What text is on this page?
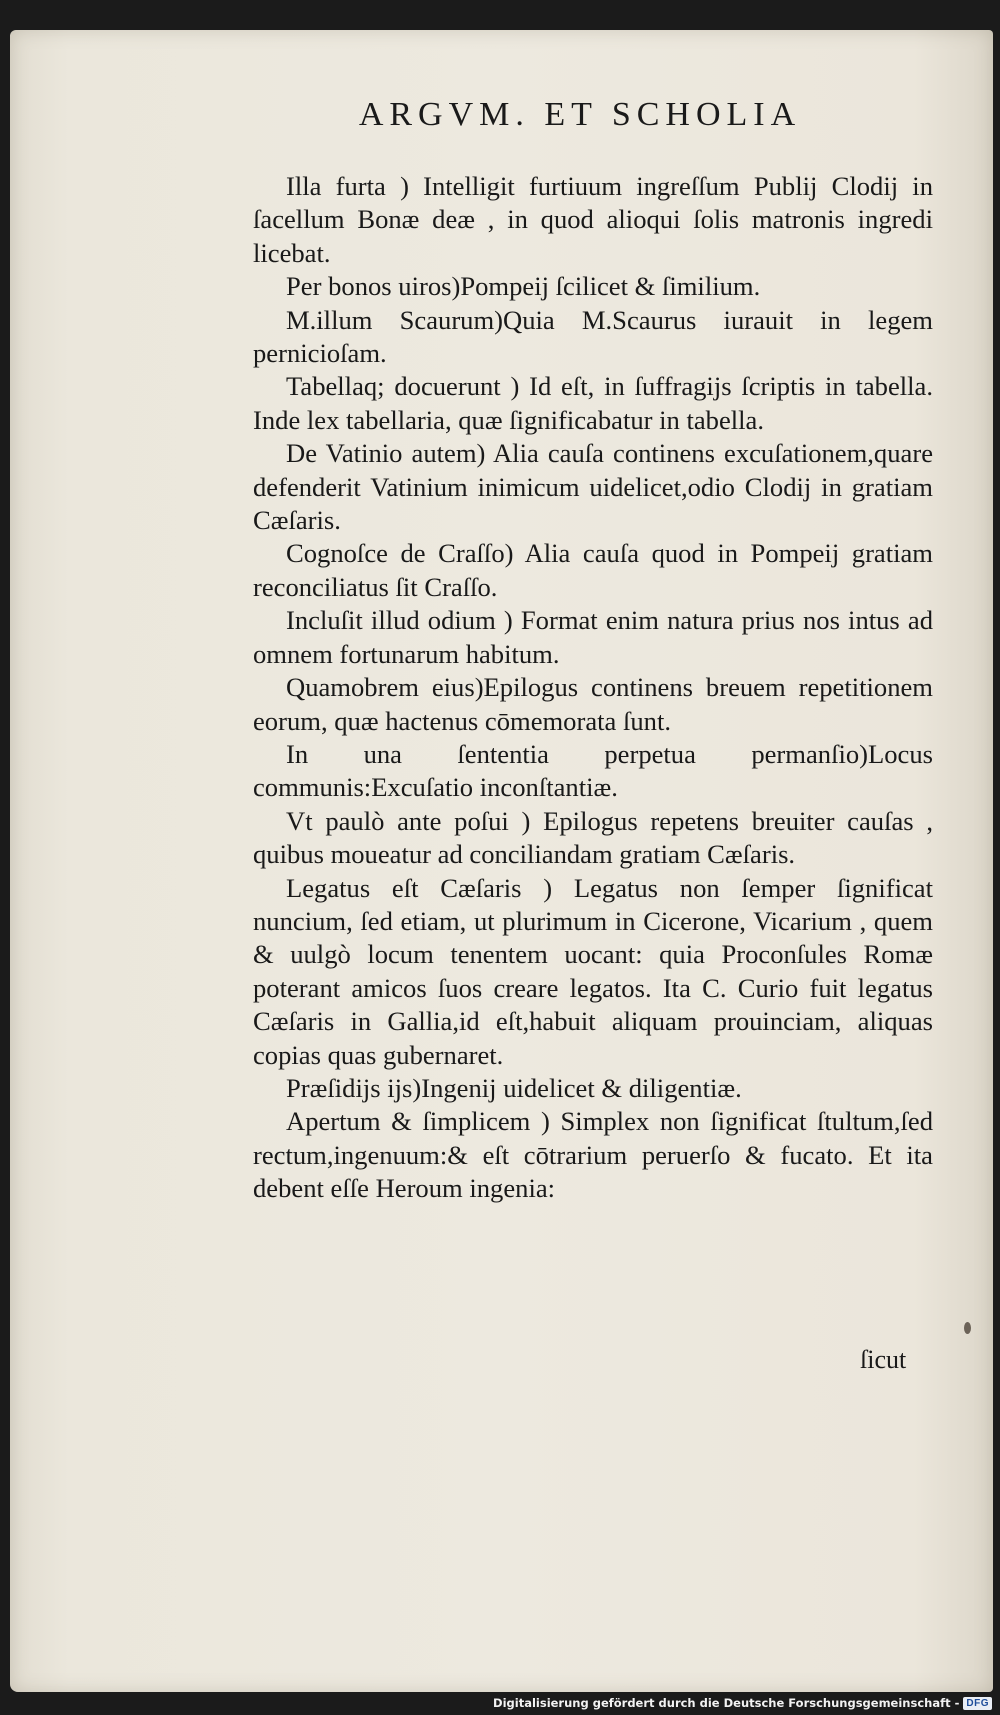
ARGVM. ET SCHOLIA

Illa furta ) Intelligit furtiuum ingreſſum Publij Clodij in ſacellum Bonæ deæ , in quod alioqui ſolis matronis ingredi licebat.

Per bonos uiros)Pompeij ſcilicet & ſimilium.

M.illum Scaurum)Quia M.Scaurus iurauit in legem pernicioſam.

Tabellaq; docuerunt ) Id eſt, in ſuffragijs ſcriptis in tabella. Inde lex tabellaria, quæ ſignificabatur in tabella.

De Vatinio autem) Alia cauſa continens excuſationem,quare defenderit Vatinium inimicum uidelicet,odio Clodij in gratiam Cæſaris.

Cognoſce de Craſſo) Alia cauſa quod in Pompeij gratiam reconciliatus ſit Craſſo.

Incluſit illud odium ) Format enim natura prius nos intus ad omnem fortunarum habitum.

Quamobrem eius)Epilogus continens breuem repetitionem eorum, quæ hactenus cōmemorata ſunt.

In una ſententia perpetua permanſio)Locus communis:Excuſatio inconſtantiæ.

Vt paulò ante poſui ) Epilogus repetens breuiter cauſas , quibus moueatur ad conciliandam gratiam Cæſaris.

Legatus eſt Cæſaris ) Legatus non ſemper ſignificat nuncium, ſed etiam, ut plurimum in Cicerone, Vicarium , quem & uulgò locum tenentem uocant: quia Proconſules Romæ poterant amicos ſuos creare legatos. Ita C. Curio fuit legatus Cæſaris in Gallia,id eſt,habuit aliquam prouinciam, aliquas copias quas gubernaret.

Præſidijs ijs)Ingenij uidelicet & diligentiæ.

Apertum & ſimplicem ) Simplex non ſignificat ſtultum,ſed rectum,ingenuum:& eſt cōtrarium peruerſo & fucato. Et ita debent eſſe Heroum ingenia:

ſicut
Digitalisierung gefördert durch die Deutsche Forschungsgemeinschaft - DFG
